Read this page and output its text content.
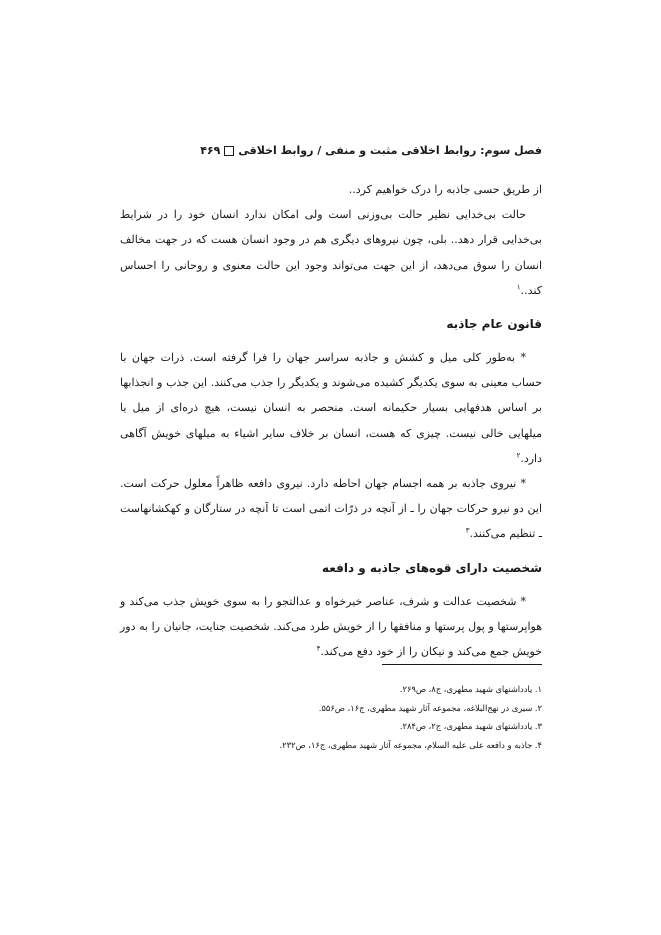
فصل سوم: روابط اخلاقی مثبت و منفی / روابط اخلاقی۴۶۹

از طریق حسی جاذبه را درک خواهیم کرد..

حالت بی‌خدایی نظیر حالت بی‌وزنی است ولی امکان ندارد انسان خود را در شرایط بی‌خدایی قرار دهد.. بلی، چون نیروهای دیگری هم در وجود انسان هست که در جهت مخالف انسان را سوق می‌دهد، از این جهت می‌تواند وجود این حالت معنوی و روحانی را احساس کند..$^۱$

قانون عام جاذبه

* به‌طور کلی میل و کشش و جاذبه سراسر جهان را فرا گرفته است. ذرات جهان با حساب معینی به سوی یکدیگر کشیده می‌شوند و یکدیگر را جذب می‌کنند. این جذب و انجذابها بر اساس هدفهایی بسیار حکیمانه است. منحصر به انسان نیست، هیچ ذره‌ای از میل یا میلهایی خالی نیست. چیزی که هست، انسان بر خلاف سایر اشیاء به میلهای خویش آگاهی دارد.$^۲$

* نیروی جاذبه بر همه اجسام جهان احاطه دارد. نیروی دافعه ظاهراً معلول حرکت است. این دو نیرو حرکات جهان را ـ از آنچه در ذرّات اتمی است تا آنچه در ستارگان و کهکشانهاست ـ تنظیم می‌کنند.$^۳$

شخصیت دارای قوه‌های جاذبه و دافعه

* شخصیت عدالت و شرف، عناصر خیرخواه و عدالتجو را به سوی خویش جذب می‌کند و هواپرستها و پول پرستها و منافقها را از خویش طرد می‌کند. شخصیت جنایت، جانیان را به دور خویش جمع می‌کند و نیکان را از خود دفع می‌کند.$^۴$

۱. یادداشتهای شهید مطهری، ج۸، ص۲۶۹.

۲. سیری در نهج‌البلاغه، مجموعه آثار شهید مطهری، ج۱۶، ص۵۵۶.

۳. یادداشتهای شهید مطهری، ج۲، ص۲۸۴.

۴. جاذبه و دافعه علی علیه السلام، مجموعه آثار شهید مطهری، ج۱۶، ص۲۳۲.
